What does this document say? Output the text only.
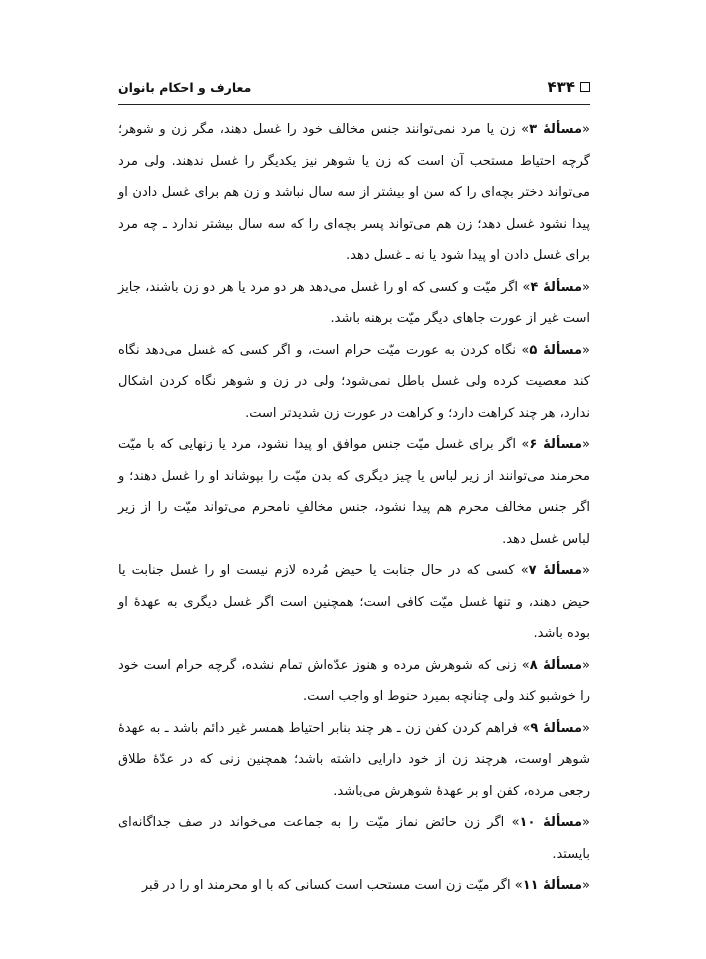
۴۳۴
معارف و احکام بانوان

«مسألۀ ۳» زن یا مرد نمی‌توانند جنس مخالف خود را غسل دهند، مگر زن و شوهر؛ گرچه احتیاط مستحب آن است که زن یا شوهر نیز یکدیگر را غسل ندهند. ولی مرد می‌تواند دختر بچه‌ای را که سن او بیشتر از سه سال نباشد و زن هم برای غسل دادن او پیدا نشود غسل دهد؛ زن هم می‌تواند پسر بچه‌ای را که سه سال بیشتر ندارد ـ چه مرد برای غسل دادن او پیدا شود یا نه ـ غسل دهد.

«مسألۀ ۴» اگر میّت و کسی که او را غسل می‌دهد هر دو مرد یا هر دو زن باشند، جایز است غیر از عورت جاهای دیگر میّت برهنه باشد.

«مسألۀ ۵» نگاه کردن به عورت میّت حرام است، و اگر کسی که غسل می‌دهد نگاه کند معصیت کرده ولی غسل باطل نمی‌شود؛ ولی در زن و شوهر نگاه کردن اشکال ندارد، هر چند کراهت دارد؛ و کراهت در عورت زن شدیدتر است.

«مسألۀ ۶» اگر برای غسل میّت جنس موافق او پیدا نشود، مرد یا زنهایی که با میّت محرمند می‌توانند از زیر لباس یا چیز دیگری که بدن میّت را بپوشاند او را غسل دهند؛ و اگر جنس مخالف محرم هم پیدا نشود، جنس مخالفِ نامحرم می‌تواند میّت را از زیر لباس غسل دهد.

«مسألۀ ۷» کسی که در حال جنابت یا حیض مُرده لازم نیست او را غسل جنابت یا حیض دهند، و تنها غسل میّت کافی است؛ همچنین است اگر غسل دیگری به عهدۀ او بوده باشد.

«مسألۀ ۸» زنی که شوهرش مرده و هنوز عدّه‌اش تمام نشده، گرچه حرام است خود را خوشبو کند ولی چنانچه بمیرد حنوط او واجب است.

«مسألۀ ۹» فراهم کردن کفن زن ـ هر چند بنابر احتیاط همسر غیر دائم باشد ـ به عهدۀ شوهر اوست، هرچند زن از خود دارایی داشته باشد؛ همچنین زنی که در عدّۀ طلاق رجعی مرده، کفن او بر عهدۀ شوهرش می‌باشد.

«مسألۀ ۱۰» اگر زن حائض نماز میّت را به جماعت می‌خواند در صف جداگانه‌ای بایستد.

«مسألۀ ۱۱» اگر میّت زن است مستحب است کسانی که با او محرمند او را در قبر
